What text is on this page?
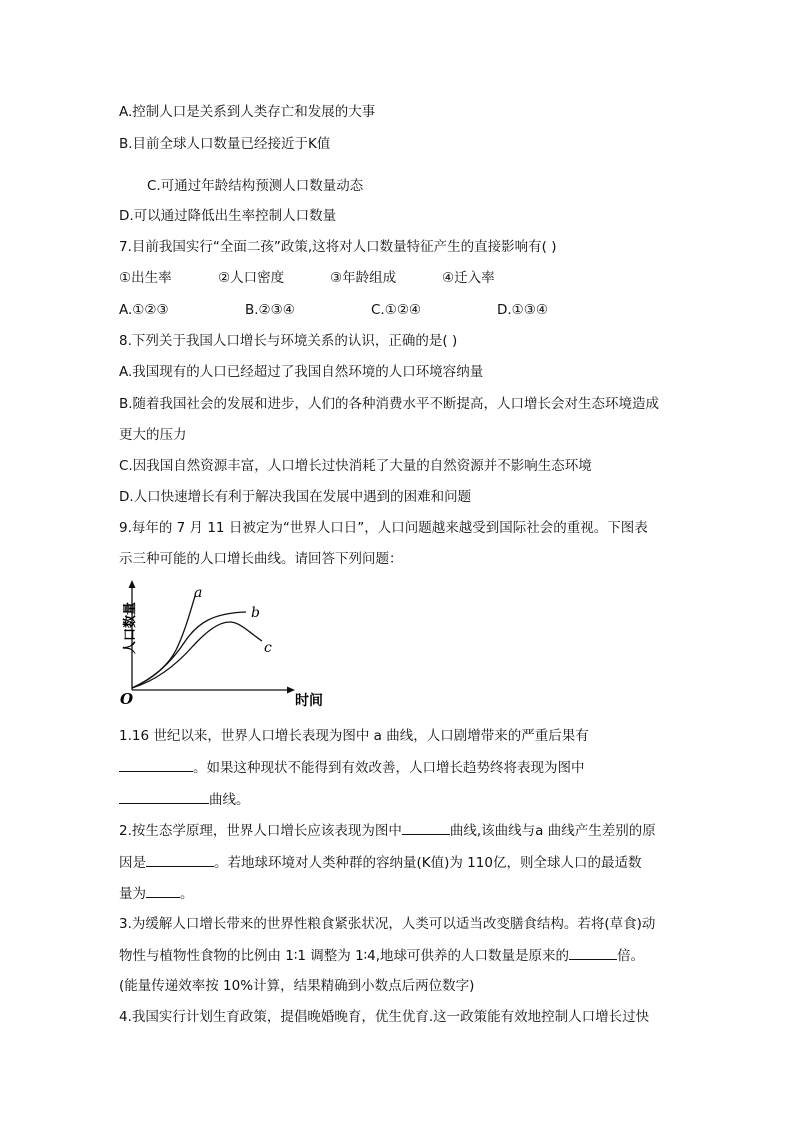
A.控制人口是关系到人类存亡和发展的大事
B.目前全球人口数量已经接近于K值
C.可通过年龄结构预测人口数量动态
D.可以通过降低出生率控制人口数量
7.目前我国实行“全面二孩”政策,这将对人口数量特征产生的直接影响有( )
①出生率	②人口密度	③年龄组成	④迁入率
A.①②③	B.②③④	C.①②④	D.①③④
8.下列关于我国人口增长与环境关系的认识，正确的是( )
A.我国现有的人口已经超过了我国自然环境的人口环境容纳量
B.随着我国社会的发展和进步，人们的各种消费水平不断提高，人口增长会对生态环境造成
更大的压力
C.因我国自然资源丰富，人口增长过快消耗了大量的自然资源并不影响生态环境
D.人口快速增长有利于解决我国在发展中遇到的困难和问题
9.每年的 7 月 11 日被定为“世界人口日”，人口问题越来越受到国际社会的重视。下图表
示三种可能的人口增长曲线。请回答下列问题：
a
b
c
O	时间
人口数量
1.16 世纪以来，世界人口增长表现为图中 a 曲线，人口剧增带来的严重后果有
。如果这种现状不能得到有效改善，人口增长趋势终将表现为图中
曲线。
2.按生态学原理，世界人口增长应该表现为图中	曲线,该曲线与a 曲线产生差别的原
因是	。若地球环境对人类种群的容纳量(K值)为 110亿，则全球人口的最适数
量为	。
3.为缓解人口增长带来的世界性粮食紧张状况，人类可以适当改变膳食结构。若将(草食)动
物性与植物性食物的比例由 1∶1 调整为 1∶4,地球可供养的人口数量是原来的	倍。
(能量传递效率按 10%计算，结果精确到小数点后两位数字)
4.我国实行计划生育政策，提倡晚婚晚育，优生优育.这一政策能有效地控制人口增长过快
